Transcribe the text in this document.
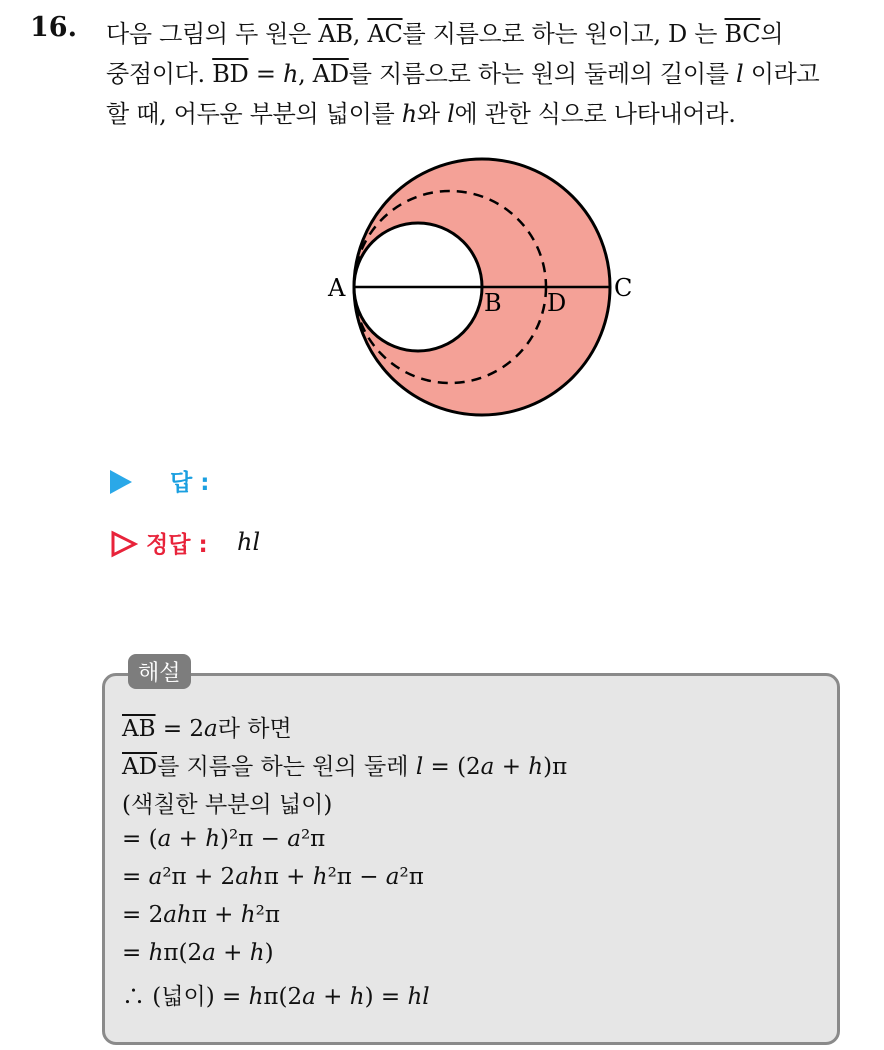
16. 다음 그림의 두 원은 $\overline{AB}$, $\overline{AC}$를 지름으로 하는 원이고, D 는 $\overline{BC}$의
중점이다. $\overline{BD} = h$, $\overline{AD}$를 지름으로 하는 원의 둘레의 길이를 l 이라고
할 때, 어두운 부분의 넓이를 h와 l에 관한 식으로 나타내어라.
A
B D
C
답 :
정답 : hl
해설
$\overline{AB} = 2a$라 하면
$\overline{AD}$를 지름을 하는 원의 둘레 l = (2a + h)π
(색칠한 부분의 넓이)
= (a + h)²π − a²π
= a²π + 2ahπ + h²π − a²π
= 2ahπ + h²π
= hπ(2a + h)
∴ (넓이) = hπ(2a + h) = hl
